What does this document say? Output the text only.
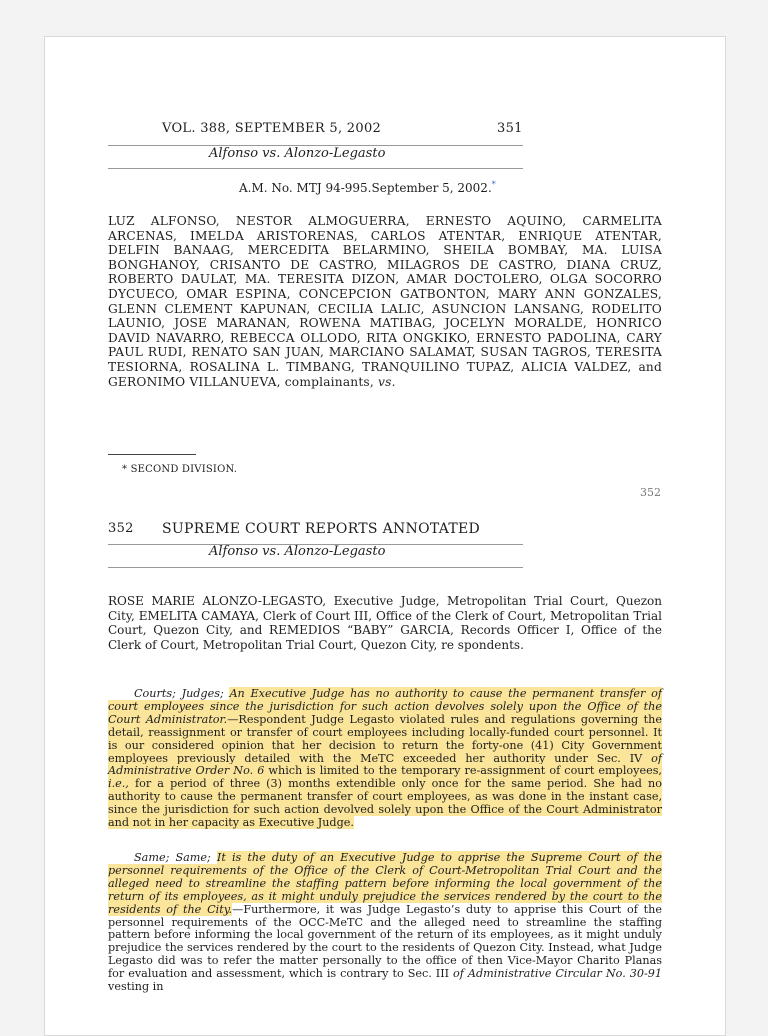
VOL. 388, SEPTEMBER 5, 2002	351
Alfonso vs. Alonzo-Legasto
A.M. No. MTJ 94-995.September 5, 2002.*
LUZ ALFONSO, NESTOR ALMOGUERRA, ERNESTO AQUINO, CARMELITA ARCENAS, IMELDA ARISTORENAS, CARLOS ATENTAR, ENRIQUE ATENTAR, DELFIN BANAAG, MERCEDITA BELARMINO, SHEILA BOMBAY, MA. LUISA BONGHANOY, CRISANTO DE CASTRO, MILAGROS DE CASTRO, DIANA CRUZ, ROBERTO DAULAT, MA. TERESITA DIZON, AMAR DOCTOLERO, OLGA SOCORRO DYCUECO, OMAR ESPINA, CONCEPCION GATBONTON, MARY ANN GONZALES, GLENN CLEMENT KAPUNAN, CECILIA LALIC, ASUNCION LANSANG, RODELITO LAUNIO, JOSE MARANAN, ROWENA MATIBAG, JOCELYN MORALDE, HONRICO DAVID NAVARRO, REBECCA OLLODO, RITA ONGKIKO, ERNESTO PADOLINA, CARY PAUL RUDI, RENATO SAN JUAN, MARCIANO SALAMAT, SUSAN TAGROS, TERESITA TESIORNA, ROSALINA L. TIMBANG, TRANQUILINO TUPAZ, ALICIA VALDEZ, and
GERONIMO VILLANUEVA, complainants, vs.
* SECOND DIVISION.
352
352 SUPREME COURT REPORTS ANNOTATED
Alfonso vs. Alonzo-Legasto
ROSE MARIE ALONZO-LEGASTO, Executive Judge, Metropolitan Trial Court, Quezon City, EMELITA CAMAYA, Clerk of Court III, Office of the Clerk of Court, Metropolitan Trial Court, Quezon City, and REMEDIOS “BABY” GARCIA, Records Officer I, Office of the Clerk of Court, Metropolitan Trial Court, Quezon City, re spondents.
Courts; Judges; An Executive Judge has no authority to cause the permanent transfer of court employees since the jurisdiction for such action devolves solely upon the Office of the Court Administrator.—Respondent Judge Legasto violated rules and regulations governing the detail, reassignment or transfer of court employees including locally-funded court personnel. It is our considered opinion that her decision to return the forty-one (41) City Government employees previously detailed with the MeTC exceeded her authority under Sec. IV of Administrative Order No. 6 which is limited to the temporary re-assignment of court employees, i.e., for a period of three (3) months extendible only once for the same period. She had no authority to cause the permanent transfer of court employees, as was done in the instant case, since the jurisdiction for such action devolved solely upon the Office of the Court Administrator and not in her capacity as Executive Judge.
Same; Same; It is the duty of an Executive Judge to apprise the Supreme Court of the personnel requirements of the Office of the Clerk of Court-Metropolitan Trial Court and the alleged need to streamline the staffing pattern before informing the local government of the return of its employees, as it might unduly prejudice the services rendered by the court to the residents of the City.—Furthermore, it was Judge Legasto’s duty to apprise this Court of the personnel requirements of the OCC-MeTC and the alleged need to streamline the staffing pattern before informing the local government of the return of its employees, as it might unduly prejudice the services rendered by the court to the residents of Quezon City. Instead, what Judge Legasto did was to refer the matter personally to the office of then Vice-Mayor Charito Planas for evaluation and assessment, which is contrary to Sec. III of Administrative Circular No. 30-91 vesting in
